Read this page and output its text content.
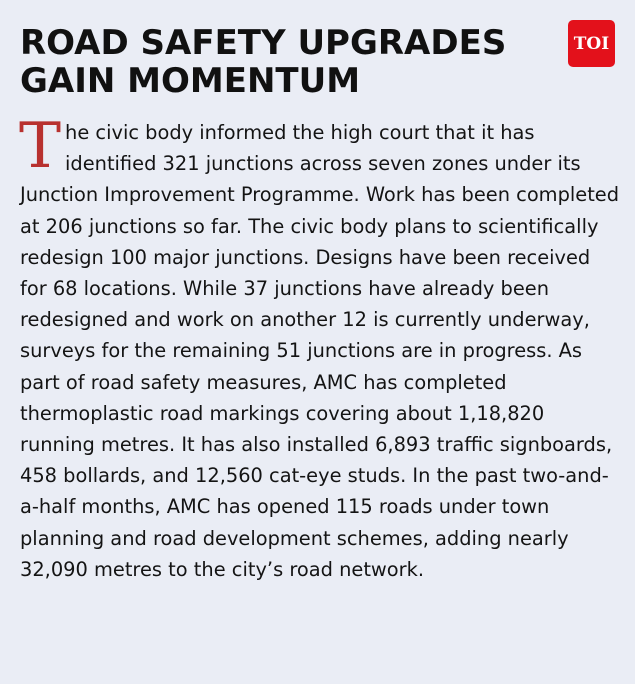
ROAD SAFETY UPGRADES GAIN MOMENTUM
TOI

The civic body informed the high court that it has identified 321 junctions across seven zones under its Junction Improvement Programme. Work has been completed at 206 junctions so far. The civic body plans to scientifically redesign 100 major junctions. Designs have been received for 68 locations. While 37 junctions have already been redesigned and work on another 12 is currently underway, surveys for the remaining 51 junctions are in progress. As part of road safety measures, AMC has completed thermoplastic road markings covering about 1,18,820 running metres. It has also installed 6,893 traffic signboards, 458 bollards, and 12,560 cat-eye studs. In the past two-and-a-half months, AMC has opened 115 roads under town planning and road development schemes, adding nearly 32,090 metres to the city’s road network.
